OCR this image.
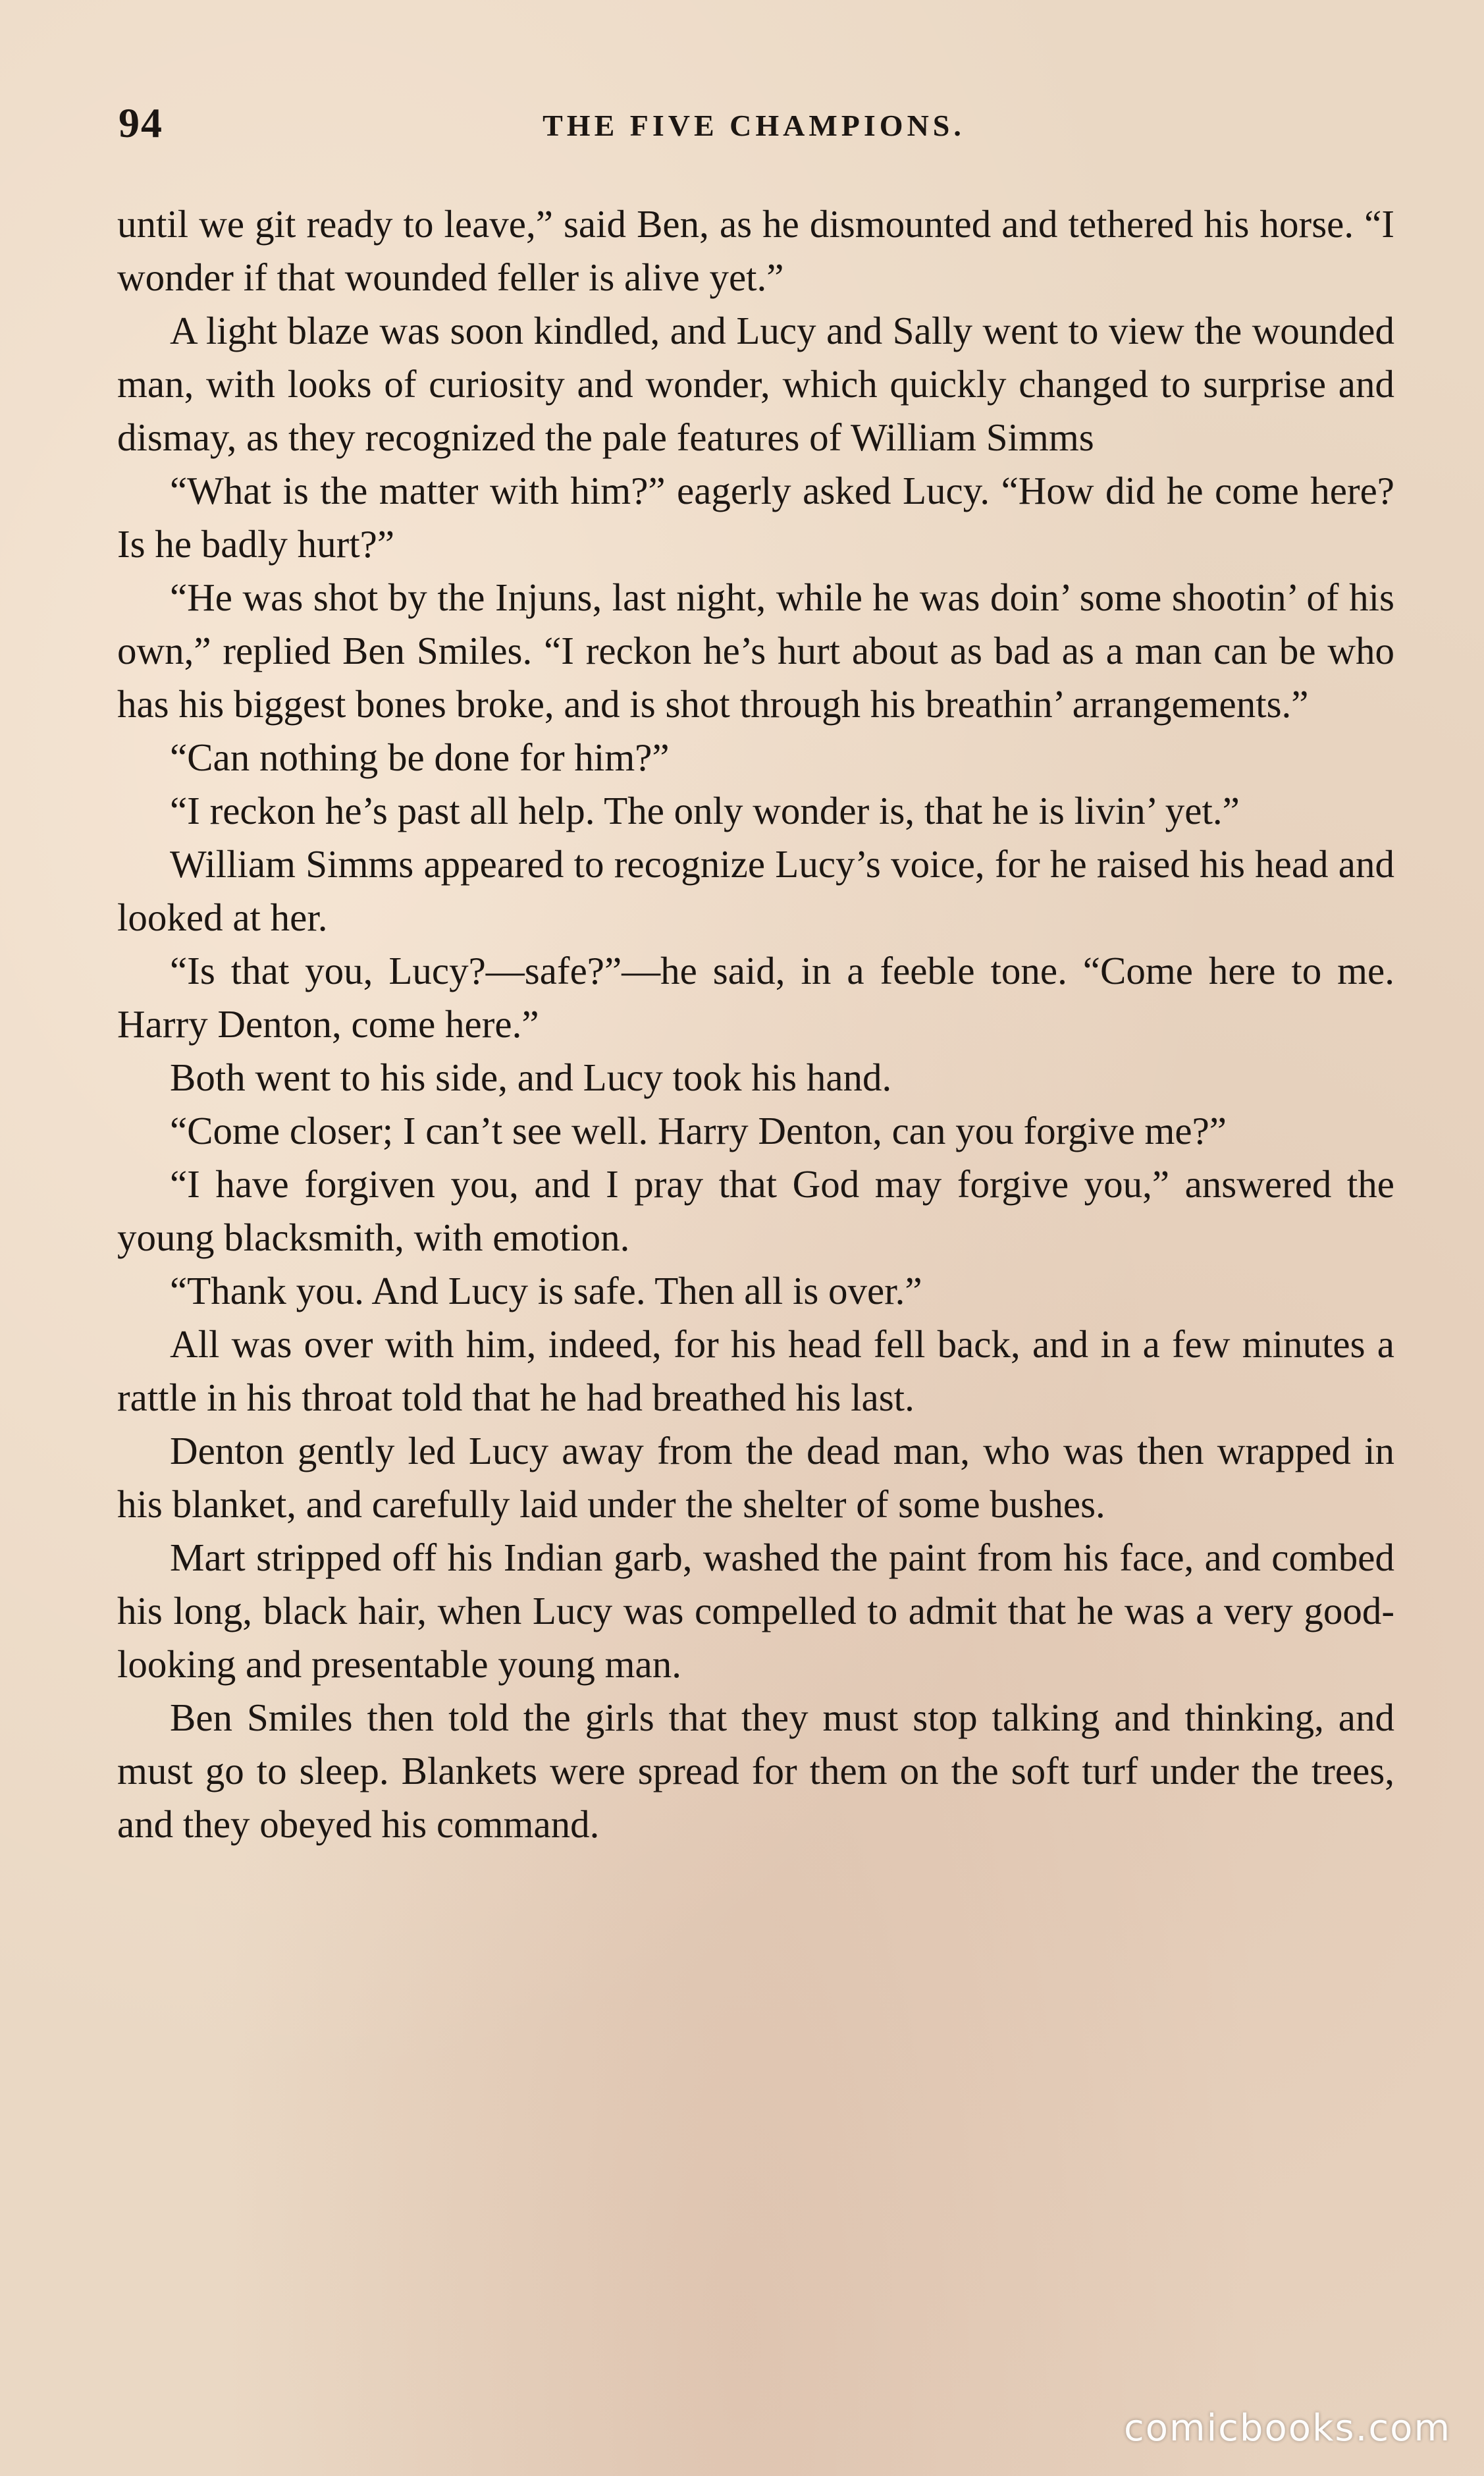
94	THE FIVE CHAMPIONS.

until we git ready to leave,” said Ben, as he dismounted and tethered his horse. “I wonder if that wounded feller is alive yet.”

A light blaze was soon kindled, and Lucy and Sally went to view the wounded man, with looks of curiosity and wonder, which quickly changed to surprise and dismay, as they recognized the pale features of William Simms

“What is the matter with him?” eagerly asked Lucy. “How did he come here? Is he badly hurt?”

“He was shot by the Injuns, last night, while he was doin’ some shootin’ of his own,” replied Ben Smiles. “I reckon he’s hurt about as bad as a man can be who has his biggest bones broke, and is shot through his breathin’ arrangements.”

“Can nothing be done for him?”

“I reckon he’s past all help. The only wonder is, that he is livin’ yet.”

William Simms appeared to recognize Lucy’s voice, for he raised his head and looked at her.

“Is that you, Lucy?—safe?”—he said, in a feeble tone. “Come here to me. Harry Denton, come here.”

Both went to his side, and Lucy took his hand.

“Come closer; I can’t see well. Harry Denton, can you forgive me?”

“I have forgiven you, and I pray that God may forgive you,” answered the young blacksmith, with emotion.

“Thank you. And Lucy is safe. Then all is over.”

All was over with him, indeed, for his head fell back, and in a few minutes a rattle in his throat told that he had breathed his last.

Denton gently led Lucy away from the dead man, who was then wrapped in his blanket, and carefully laid under the shelter of some bushes.

Mart stripped off his Indian garb, washed the paint from his face, and combed his long, black hair, when Lucy was compelled to admit that he was a very good-looking and presentable young man.

Ben Smiles then told the girls that they must stop talking and thinking, and must go to sleep. Blankets were spread for them on the soft turf under the trees, and they obeyed his command.

comicbooks.com
